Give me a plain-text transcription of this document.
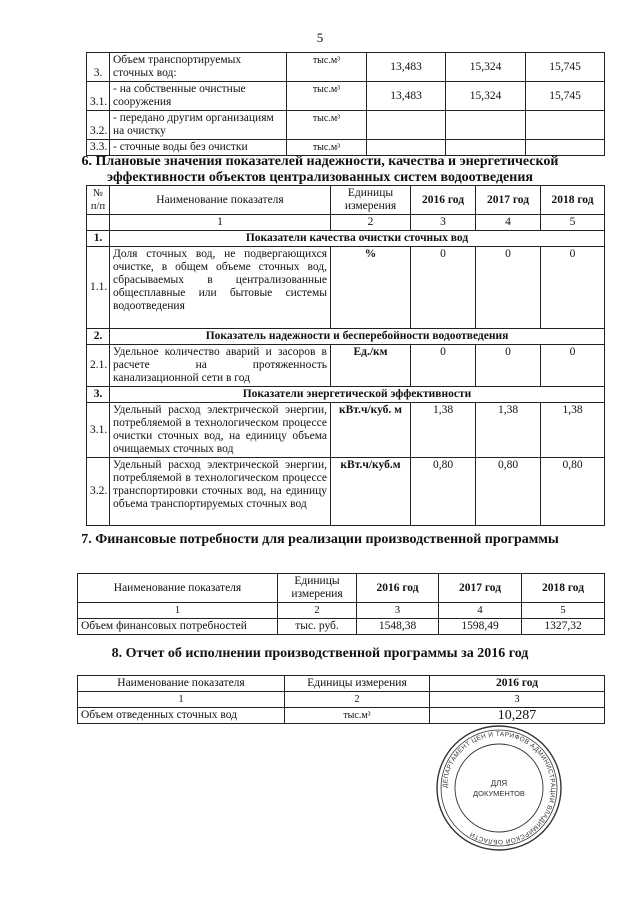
5
3.	Объем транспортируемых сточных вод:	тыс.м³	13,483	15,324	15,745
3.1.	- на собственные очистные сооружения	тыс.м³	13,483	15,324	15,745
3.2.	- передано другим организациям на очистку	тыс.м³			
3.3.	- сточные воды без очистки	тыс.м³			
6. Плановые значения показателей надежности, качества и энергетической эффективности объектов централизованных систем водоотведения
№ п/п	Наименование показателя	Единицы измерения	2016 год	2017 год	2018 год
	1	2	3	4	5
1.	Показатели качества очистки сточных вод				
1.1.	Доля сточных вод, не подвергающихся очистке, в общем объеме сточных вод, сбрасываемых в централизованные общесплавные или бытовые системы водоотведения	%	0	0	0
2.	Показатель надежности и бесперебойности водоотведения				
2.1.	Удельное количество аварий и засоров в расчете на протяженность канализационной сети в год	Ед./км	0	0	0
3.	Показатели энергетической эффективности				
3.1.	Удельный расход электрической энергии, потребляемой в технологическом процессе очистки сточных вод, на единицу объема очищаемых сточных вод	кВт.ч/куб. м	1,38	1,38	1,38
3.2.	Удельный расход электрической энергии, потребляемой в технологическом процессе транспортировки сточных вод, на единицу объема транспортируемых сточных вод	кВт.ч/куб.м	0,80	0,80	0,80
7. Финансовые потребности для реализации производственной программы
Наименование показателя	Единицы измерения	2016 год	2017 год	2018 год
1	2	3	4	5
Объем финансовых потребностей	тыс. руб.	1548,38	1598,49	1327,32
8. Отчет об исполнении производственной программы за 2016 год
Наименование показателя	Единицы измерения	2016 год
1	2	3
Объем отведенных сточных вод	тыс.м³	10,287
ДЕПАРТАМЕНТ ЦЕН И ТАРИФОВ АДМИНИСТРАЦИИ ВЛАДИМИРСКОЙ ОБЛАСТИ
ДЛЯ
ДОКУМЕНТОВ
